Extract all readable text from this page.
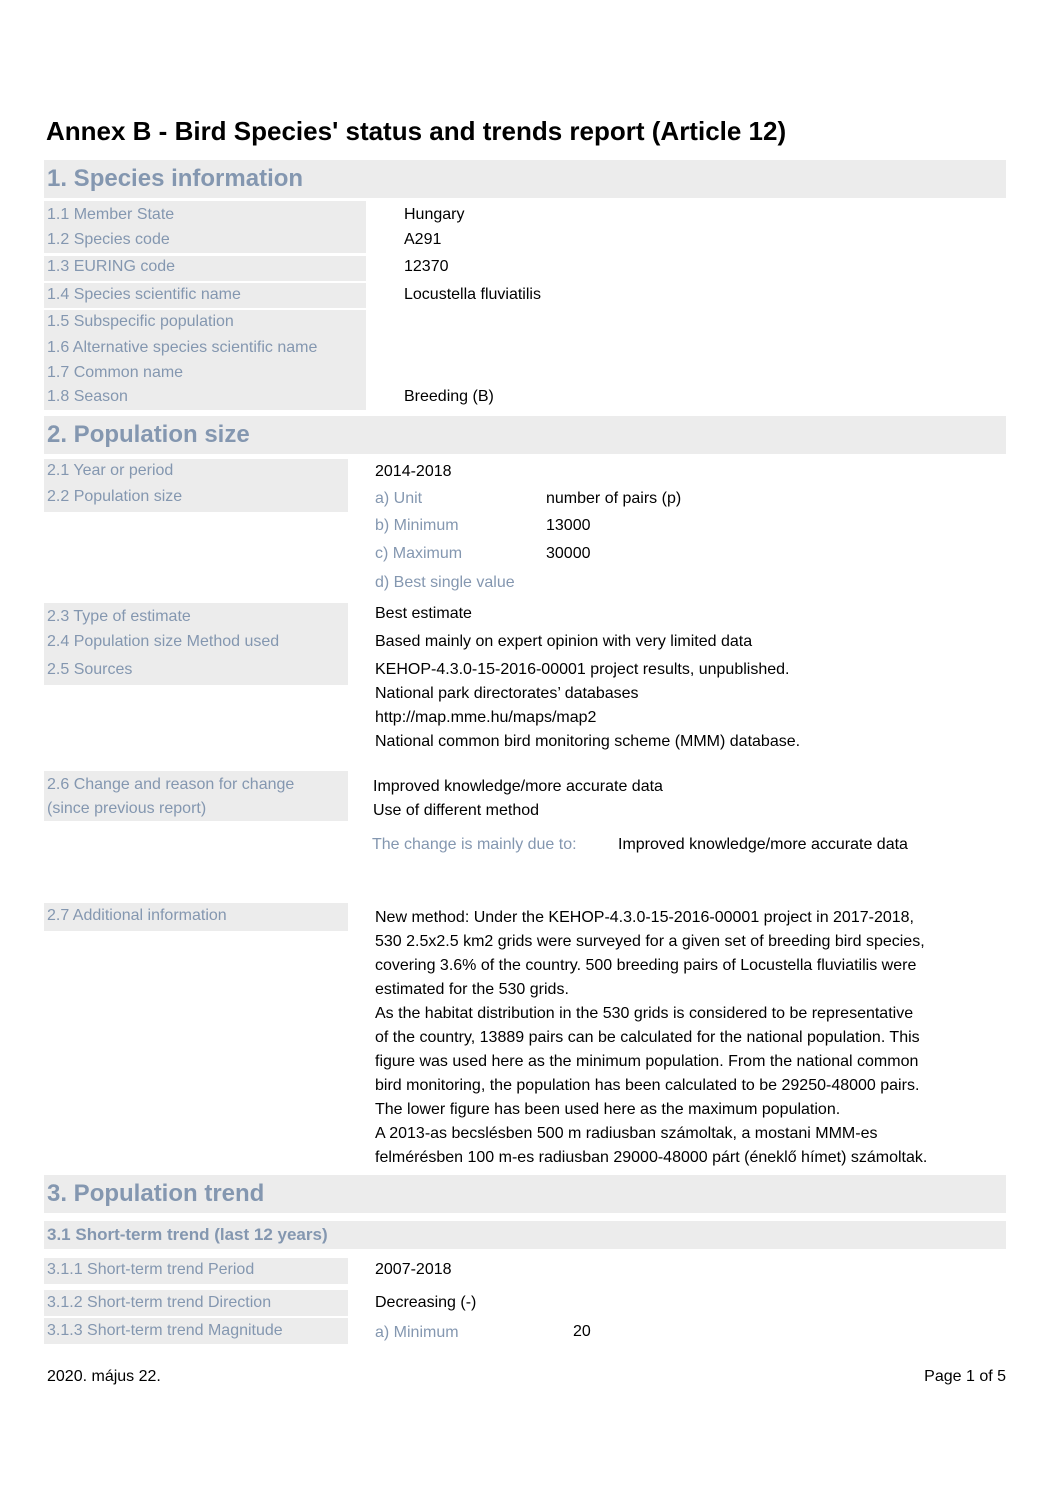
Annex B - Bird Species' status and trends report (Article 12)
1. Species information
1.1 Member State	Hungary
1.2 Species code	A291
1.3 EURING code	12370
1.4 Species scientific name	Locustella fluviatilis
1.5 Subspecific population
1.6 Alternative species scientific name
1.7 Common name
1.8 Season	Breeding (B)
2. Population size
2.1 Year or period	2014-2018
2.2 Population size	a) Unit	number of pairs (p)
b) Minimum	13000
c) Maximum	30000
d) Best single value
2.3 Type of estimate	Best estimate
2.4 Population size Method used	Based mainly on expert opinion with very limited data
2.5 Sources	KEHOP-4.3.0-15-2016-00001 project results, unpublished.
National park directorates’ databases
http://map.mme.hu/maps/map2
National common bird monitoring scheme (MMM) database.
2.6 Change and reason for change
(since previous report)
Improved knowledge/more accurate data
Use of different method
The change is mainly due to:	Improved knowledge/more accurate data
2.7 Additional information	New method: Under the KEHOP-4.3.0-15-2016-00001 project in 2017-2018,
530 2.5x2.5 km2 grids were surveyed for a given set of breeding bird species,
covering 3.6% of the country. 500 breeding pairs of Locustella fluviatilis were
estimated for the 530 grids.
As the habitat distribution in the 530 grids is considered to be representative
of the country, 13889 pairs can be calculated for the national population. This
figure was used here as the minimum population. From the national common
bird monitoring, the population has been calculated to be 29250-48000 pairs.
The lower figure has been used here as the maximum population.
A 2013-as becslésben 500 m radiusban számoltak, a mostani MMM-es
felmérésben 100 m-es radiusban 29000-48000 párt (éneklő hímet) számoltak.
3. Population trend
3.1 Short-term trend (last 12 years)
3.1.1 Short-term trend Period	2007-2018
3.1.2 Short-term trend Direction	Decreasing (-)
3.1.3 Short-term trend Magnitude	a) Minimum	20
2020. május 22.	Page 1 of 5
